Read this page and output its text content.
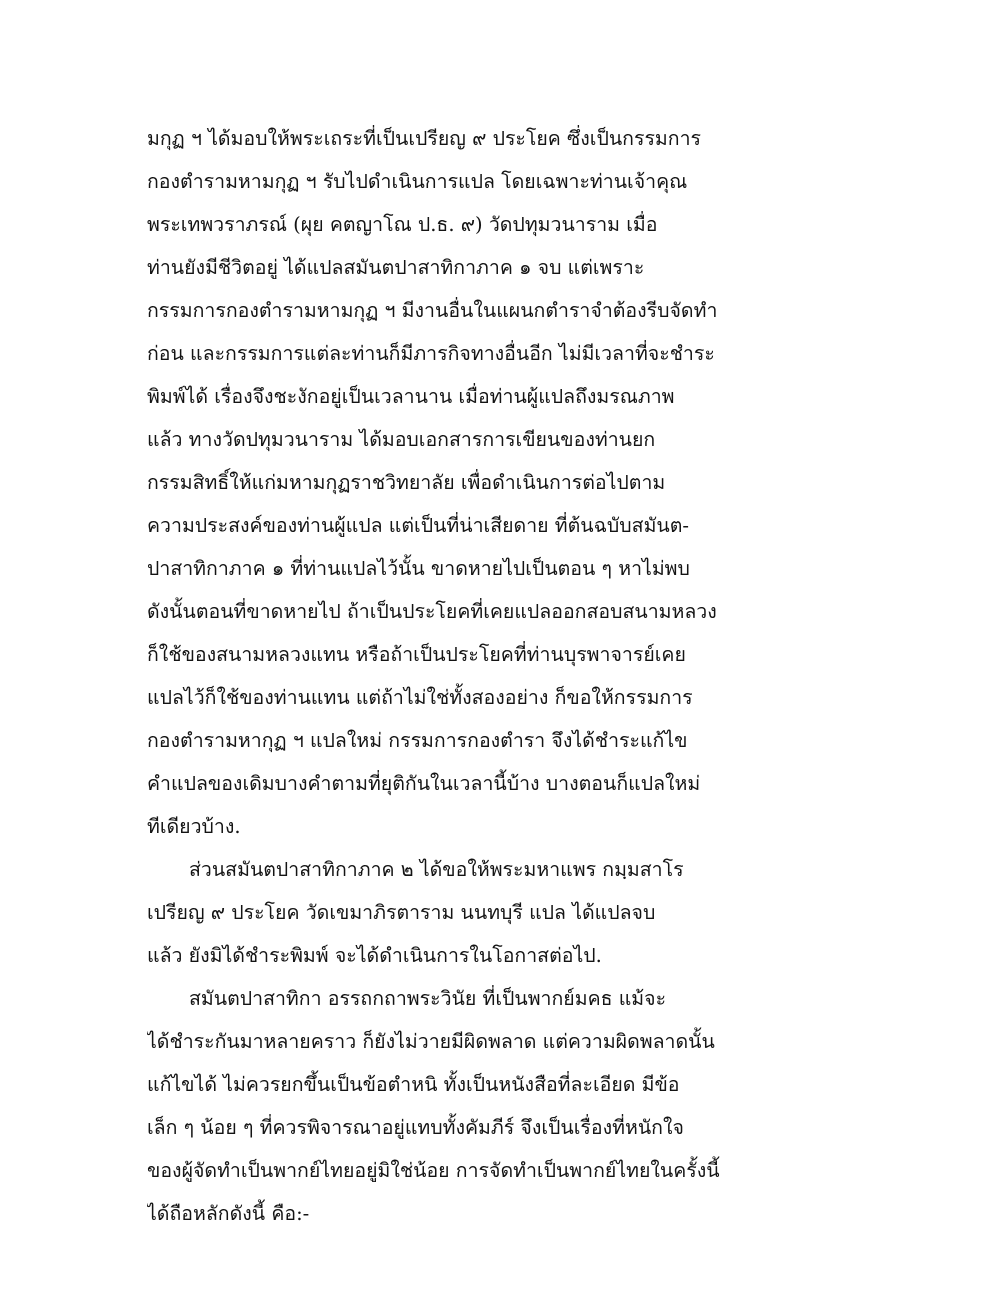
มกุฏ ฯ ได้มอบให้พระเถระที่เป็นเปรียญ ๙ ประโยค ซึ่งเป็นกรรมการ
กองตำรามหามกุฏ ฯ รับไปดำเนินการแปล โดยเฉพาะท่านเจ้าคุณ
พระเทพวราภรณ์ (ผุย คตญาโณ ป.ธ. ๙) วัดปทุมวนาราม เมื่อ
ท่านยังมีชีวิตอยู่ ได้แปลสมันตปาสาทิกาภาค ๑ จบ แต่เพราะ
กรรมการกองตำรามหามกุฏ ฯ มีงานอื่นในแผนกตำราจำต้องรีบจัดทำ
ก่อน และกรรมการแต่ละท่านก็มีภารกิจทางอื่นอีก ไม่มีเวลาที่จะชำระ
พิมพ์ได้ เรื่องจึงชะงักอยู่เป็นเวลานาน เมื่อท่านผู้แปลถึงมรณภาพ
แล้ว ทางวัดปทุมวนาราม ได้มอบเอกสารการเขียนของท่านยก
กรรมสิทธิ์ให้แก่มหามกุฏราชวิทยาลัย เพื่อดำเนินการต่อไปตาม
ความประสงค์ของท่านผู้แปล แต่เป็นที่น่าเสียดาย ที่ต้นฉบับสมันต-
ปาสาทิกาภาค ๑ ที่ท่านแปลไว้นั้น ขาดหายไปเป็นตอน ๆ หาไม่พบ
ดังนั้นตอนที่ขาดหายไป ถ้าเป็นประโยคที่เคยแปลออกสอบสนามหลวง
ก็ใช้ของสนามหลวงแทน หรือถ้าเป็นประโยคที่ท่านบุรพาจารย์เคย
แปลไว้ก็ใช้ของท่านแทน แต่ถ้าไม่ใช่ทั้งสองอย่าง ก็ขอให้กรรมการ
กองตำรามหากุฏ ฯ แปลใหม่ กรรมการกองตำรา จึงได้ชำระแก้ไข
คำแปลของเดิมบางคำตามที่ยุติกันในเวลานี้บ้าง บางตอนก็แปลใหม่
ทีเดียวบ้าง.
ส่วนสมันตปาสาทิกาภาค ๒ ได้ขอให้พระมหาแพร กมฺมสาโร
เปรียญ ๙ ประโยค วัดเขมาภิรตาราม นนทบุรี แปล ได้แปลจบ
แล้ว ยังมิได้ชำระพิมพ์ จะได้ดำเนินการในโอกาสต่อไป.
สมันตปาสาทิกา อรรถกถาพระวินัย ที่เป็นพากย์มคธ แม้จะ
ได้ชำระกันมาหลายคราว ก็ยังไม่วายมีผิดพลาด แต่ความผิดพลาดนั้น
แก้ไขได้ ไม่ควรยกขึ้นเป็นข้อตำหนิ ทั้งเป็นหนังสือที่ละเอียด มีข้อ
เล็ก ๆ น้อย ๆ ที่ควรพิจารณาอยู่แทบทั้งคัมภีร์ จึงเป็นเรื่องที่หนักใจ
ของผู้จัดทำเป็นพากย์ไทยอยู่มิใช่น้อย การจัดทำเป็นพากย์ไทยในครั้งนี้
ได้ถือหลักดังนี้ คือ:-
